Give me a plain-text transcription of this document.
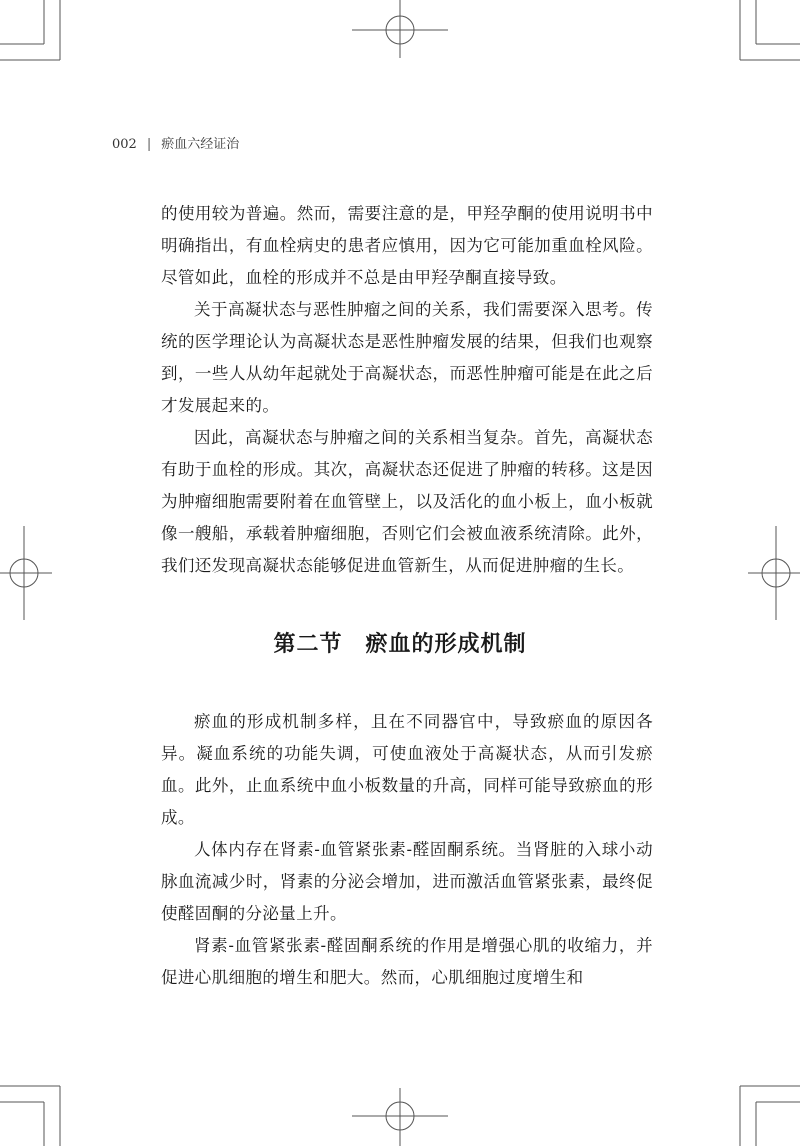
002 | 瘀血六经证治

的使用较为普遍。然而，需要注意的是，甲羟孕酮的使用说明书中明确指出，有血栓病史的患者应慎用，因为它可能加重血栓风险。尽管如此，血栓的形成并不总是由甲羟孕酮直接导致。

关于高凝状态与恶性肿瘤之间的关系，我们需要深入思考。传统的医学理论认为高凝状态是恶性肿瘤发展的结果，但我们也观察到，一些人从幼年起就处于高凝状态，而恶性肿瘤可能是在此之后才发展起来的。

因此，高凝状态与肿瘤之间的关系相当复杂。首先，高凝状态有助于血栓的形成。其次，高凝状态还促进了肿瘤的转移。这是因为肿瘤细胞需要附着在血管壁上，以及活化的血小板上，血小板就像一艘船，承载着肿瘤细胞，否则它们会被血液系统清除。此外，我们还发现高凝状态能够促进血管新生，从而促进肿瘤的生长。

第二节　瘀血的形成机制

瘀血的形成机制多样，且在不同器官中，导致瘀血的原因各异。凝血系统的功能失调，可使血液处于高凝状态，从而引发瘀血。此外，止血系统中血小板数量的升高，同样可能导致瘀血的形成。

人体内存在肾素-血管紧张素-醛固酮系统。当肾脏的入球小动脉血流减少时，肾素的分泌会增加，进而激活血管紧张素，最终促使醛固酮的分泌量上升。

肾素-血管紧张素-醛固酮系统的作用是增强心肌的收缩力，并促进心肌细胞的增生和肥大。然而，心肌细胞过度增生和
